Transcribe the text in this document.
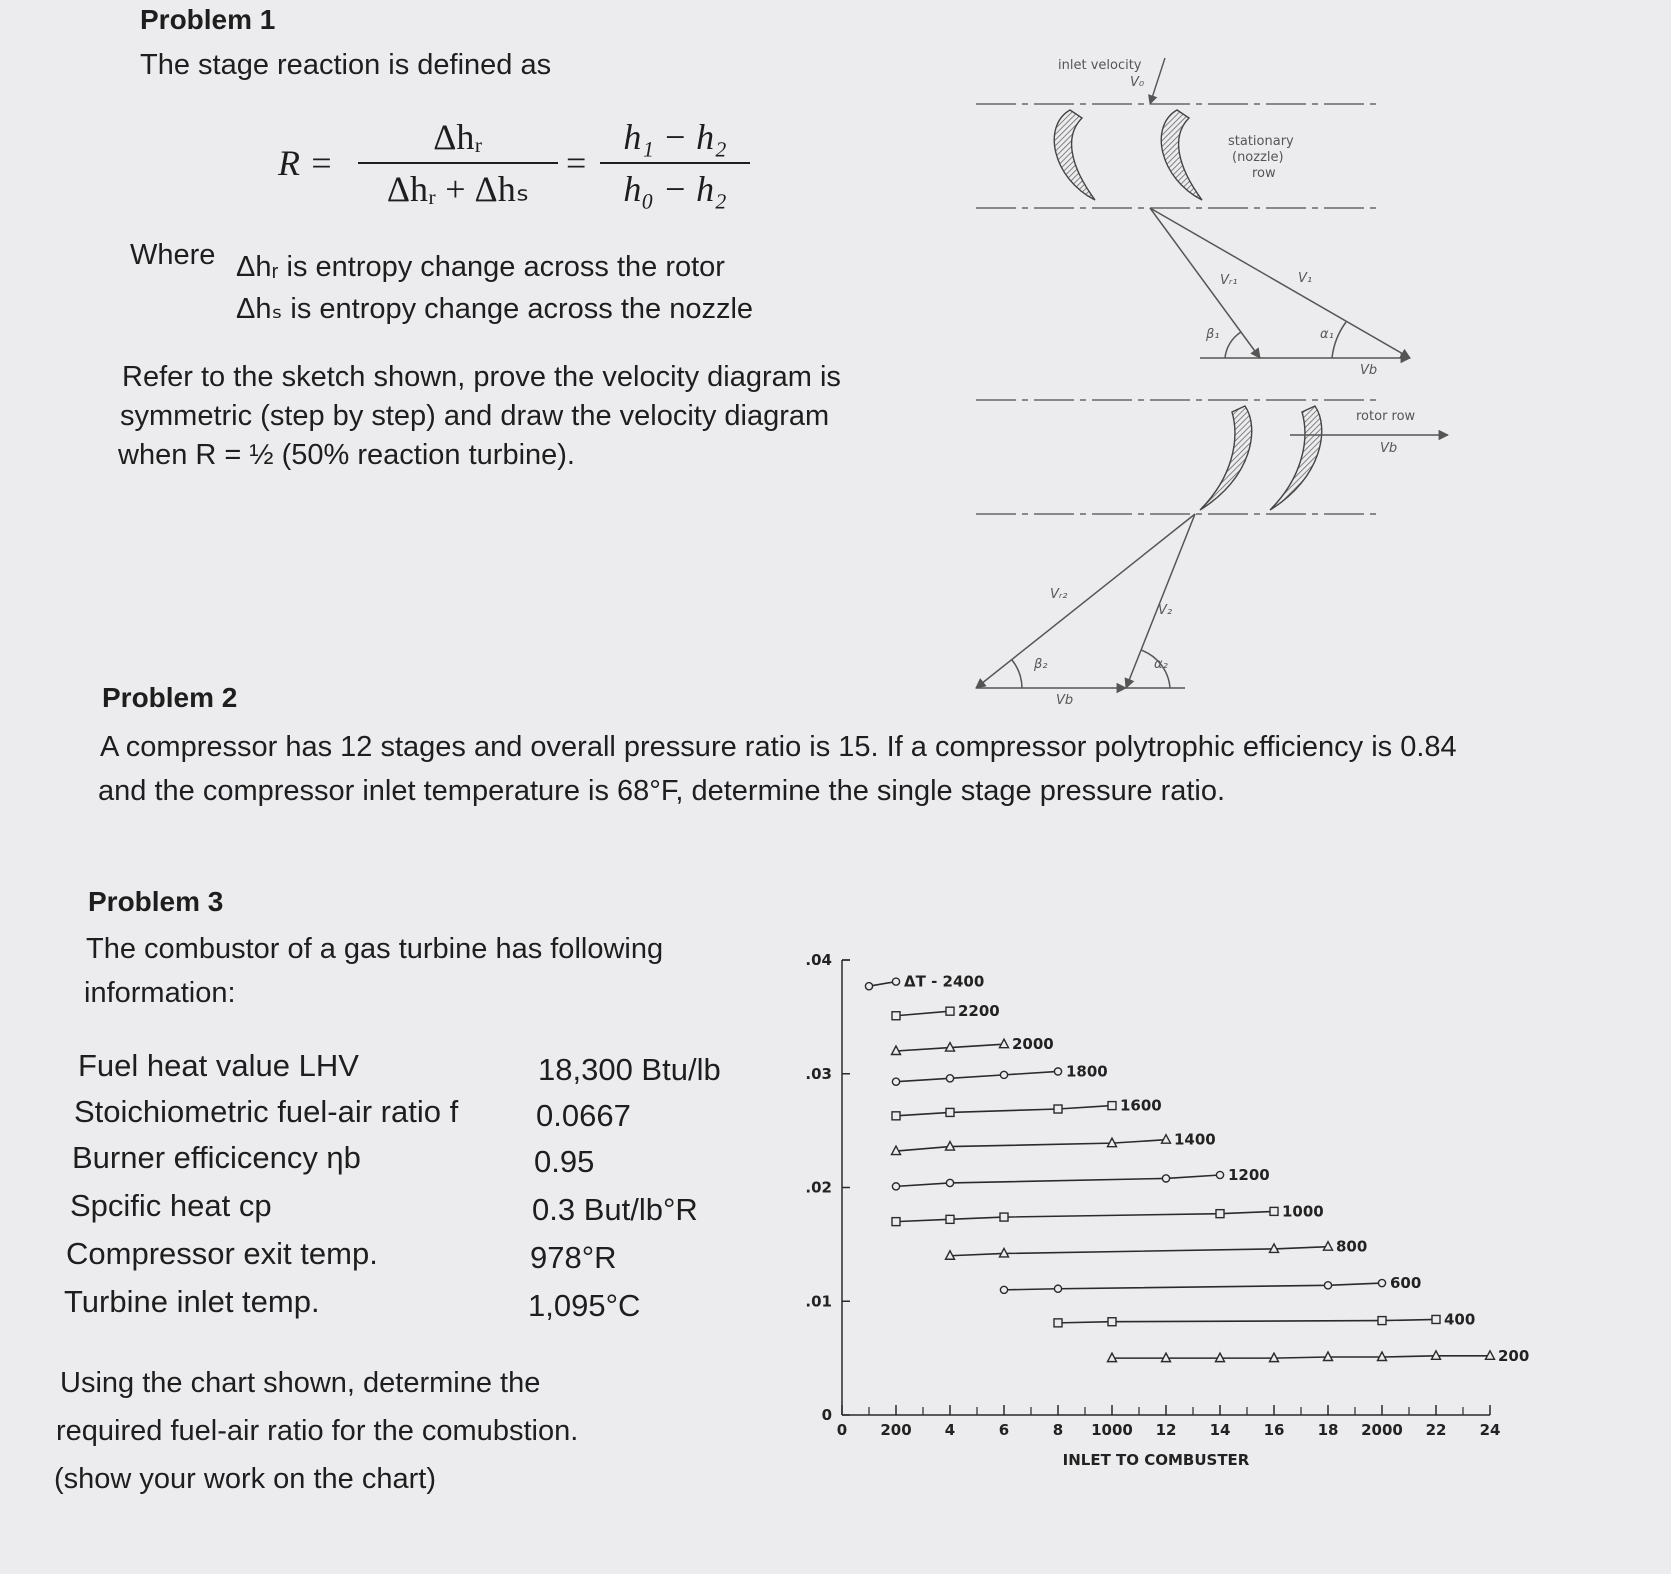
Problem 1
The stage reaction is defined as
R =
Δhᵣ
Δhᵣ + Δhₛ
= $\frac{\text{h₁ − h₂}}{\text{h₀ − h₂}}$
Where Δhᵣ is entropy change across the rotor
Δhₛ is entropy change across the nozzle
Refer to the sketch shown, prove the velocity diagram is
symmetric (step by step) and draw the velocity diagram
when R = ½ (50% reaction turbine).
inlet velocity
V₀
stationary
(nozzle)
row
Vᵣ₁	V₁
β₁	α₁
Vb
rotor row
Vb
Vᵣ₂
V₂
β₂	α₂
Vb
Problem 2
A compressor has 12 stages and overall pressure ratio is 15. If a compressor polytrophic efficiency is 0.84
and the compressor inlet temperature is 68°F, determine the single stage pressure ratio.
Problem 3
The combustor of a gas turbine has following
information:
Fuel heat value LHV	18,300 Btu/lb
Stoichiometric fuel-air ratio f	0.0667
Burner efficicency ηb	0.95
Spcific heat cp	0.3 But/lb°R
Compressor exit temp.	978°R
Turbine inlet temp.	1,095°C
Using the chart shown, determine the
required fuel-air ratio for the comubstion.
(show your work on the chart)
0
.01
.02
.03
.04
0 200 4	6	8 1000 12 14 16 18 2000 22 24
INLET TO COMBUSTER
ΔT - 2400
2200
2000
1800
1600
1400
1200
1000
800
600
400
200
